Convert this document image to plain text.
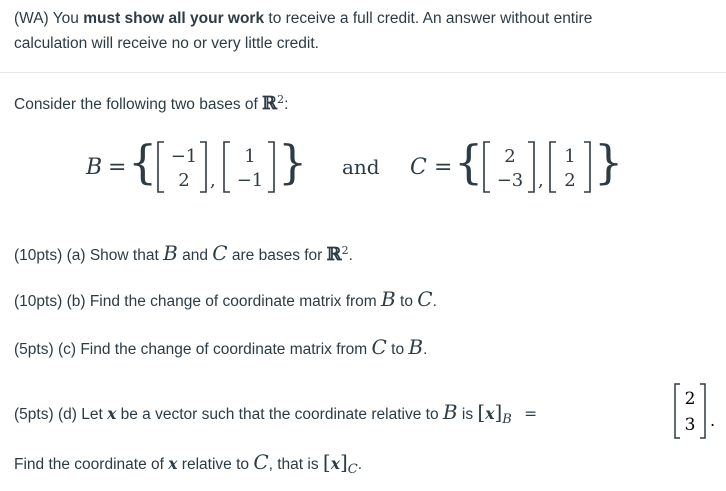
(WA) You must show all your work to receive a full credit. An answer without entire
calculation will receive no or very little credit.
Consider the following two bases of ℝ$^2$:
B = { −1
2 ,
1
−1 } and C = { 2
−3 ,
1
2 }
(10pts) (a) Show that B and C are bases for ℝ$^2$.
(10pts) (b) Find the change of coordinate matrix from B to C.
(5pts) (c) Find the change of coordinate matrix from C to B.
(5pts) (d) Let x be a vector such that the coordinate relative to B is $[x]_B$ =
2
3 .
Find the coordinate of x relative to C, that is $[x]_C$.
